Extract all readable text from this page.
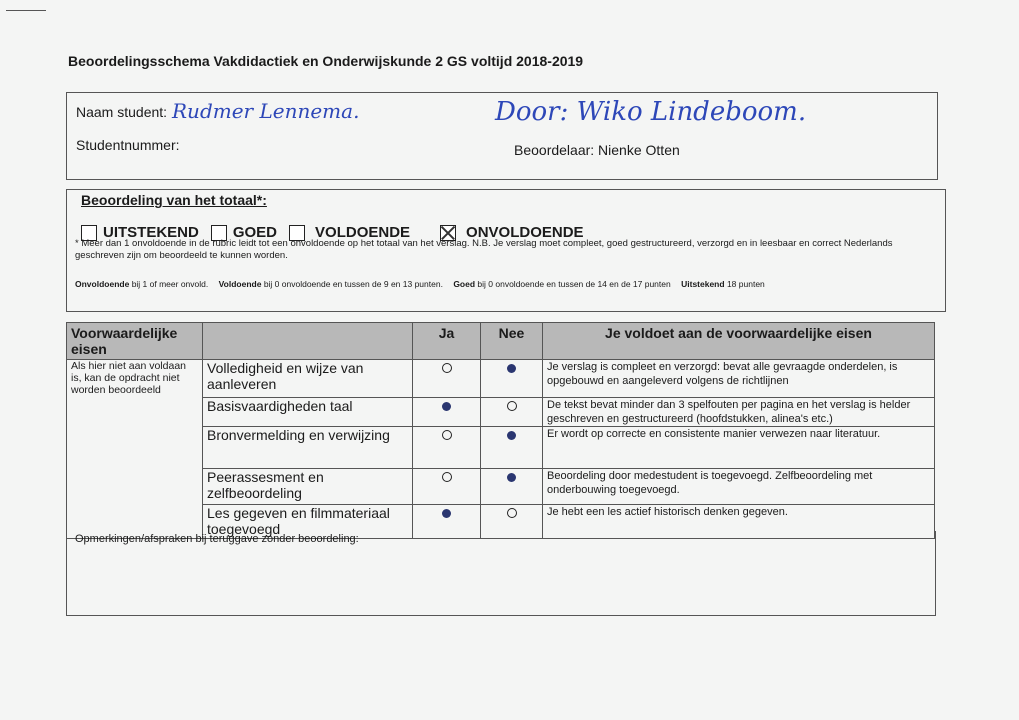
Beoordelingsschema Vakdidactiek en Onderwijskunde 2 GS voltijd 2018-2019
Naam student: Rudmer Lennema.	Door: Wiko Lindeboom.
Studentnummer:	Beoordelaar: Nienke Otten
Beoordeling van het totaal*:
UITSTEKEND GOED	VOLDOENDE	ONVOLDOENDE
* Meer dan 1 onvoldoende in de rubric leidt tot een onvoldoende op het totaal van het verslag. N.B. Je verslag moet compleet, goed gestructureerd, verzorgd en in leesbaar en correct Nederlands geschreven zijn om beoordeeld te kunnen worden.
Onvoldoende bij 1 of meer onvold. Voldoende bij 0 onvoldoende en tussen de 9 en 13 punten. Goed bij 0 onvoldoende en tussen de 14 en de 17 punten Uitstekend 18 punten
Voorwaardelijke eisen		Ja	Nee	Je voldoet aan de voorwaardelijke eisen
Als hier niet aan voldaan is, kan de opdracht niet worden beoordeeld	Volledigheid en wijze van aanleveren			Je verslag is compleet en verzorgd: bevat alle gevraagde onderdelen, is opgebouwd en aangeleverd volgens de richtlijnen
	Basisvaardigheden taal			De tekst bevat minder dan 3 spelfouten per pagina en het verslag is helder geschreven en gestructureerd (hoofdstukken, alinea's etc.)
	Bronvermelding en verwijzing			Er wordt op correcte en consistente manier verwezen naar literatuur.
	Peerassesment en zelfbeoordeling			Beoordeling door medestudent is toegevoegd. Zelfbeoordeling met onderbouwing toegevoegd.
	Les gegeven en filmmateriaal toegevoegd			Je hebt een les actief historisch denken gegeven.
Opmerkingen/afspraken bij teruggave zonder beoordeling:
